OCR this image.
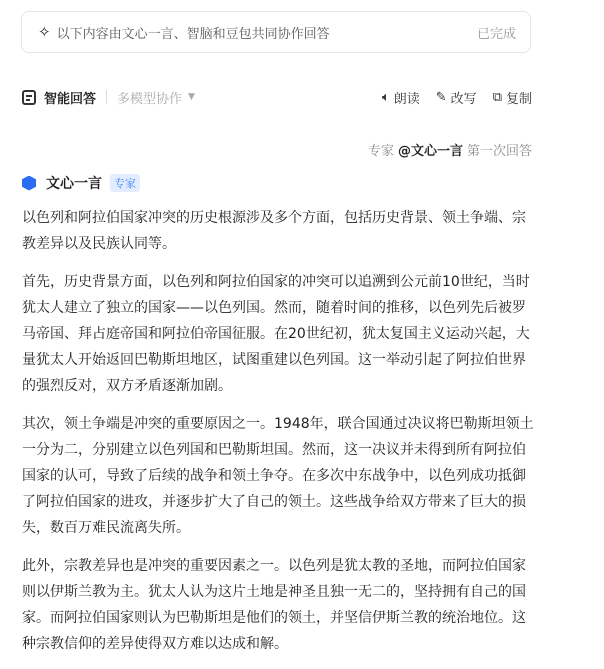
✧ 以下内容由文心一言、智脑和豆包共同协作回答	已完成
智能回答 多模型协作 ▼	🔈︎ 朗读 ✎ 改写 ⧉ 复制
专家 @文心一言 第一次回答
文心一言	专家

以色列和阿拉伯国家冲突的历史根源涉及多个方面，包括历史背景、领土争端、宗教差异以及民族认同等。

首先，历史背景方面，以色列和阿拉伯国家的冲突可以追溯到公元前10世纪，当时犹太人建立了独立的国家——以色列国。然而，随着时间的推移，以色列先后被罗马帝国、拜占庭帝国和阿拉伯帝国征服。在20世纪初，犹太复国主义运动兴起，大量犹太人开始返回巴勒斯坦地区，试图重建以色列国。这一举动引起了阿拉伯世界的强烈反对，双方矛盾逐渐加剧。

其次，领土争端是冲突的重要原因之一。1948年，联合国通过决议将巴勒斯坦领土一分为二，分别建立以色列国和巴勒斯坦国。然而，这一决议并未得到所有阿拉伯国家的认可，导致了后续的战争和领土争夺。在多次中东战争中，以色列成功抵御了阿拉伯国家的进攻，并逐步扩大了自己的领土。这些战争给双方带来了巨大的损失，数百万难民流离失所。

此外，宗教差异也是冲突的重要因素之一。以色列是犹太教的圣地，而阿拉伯国家则以伊斯兰教为主。犹太人认为这片土地是神圣且独一无二的，坚持拥有自己的国家。而阿拉伯国家则认为巴勒斯坦是他们的领土，并坚信伊斯兰教的统治地位。这种宗教信仰的差异使得双方难以达成和解。
